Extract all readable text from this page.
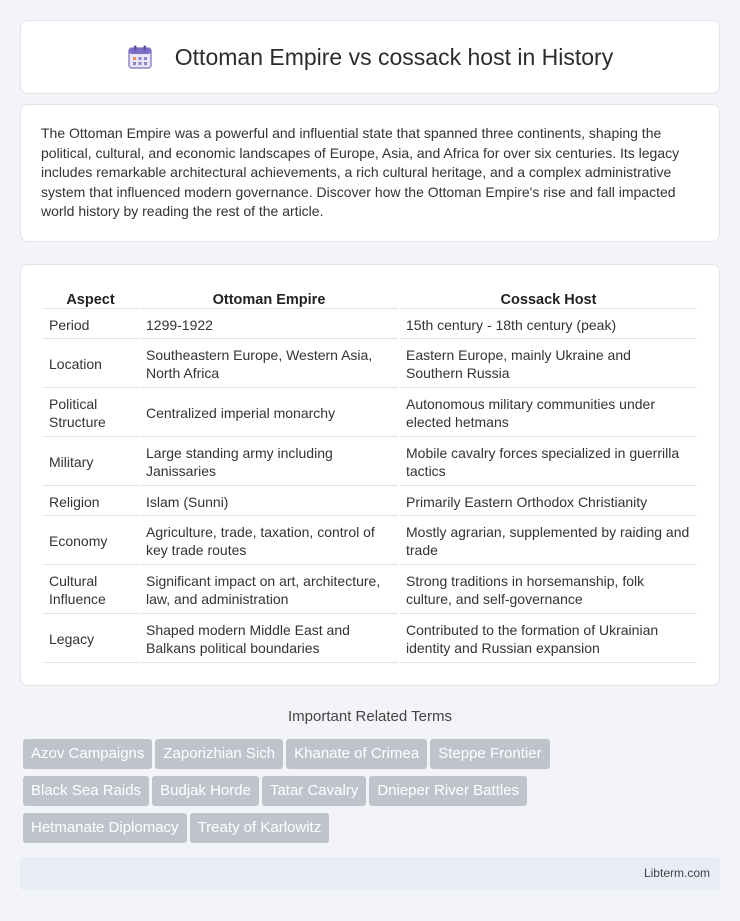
Ottoman Empire vs cossack host in History

The Ottoman Empire was a powerful and influential state that spanned three continents, shaping the political, cultural, and economic landscapes of Europe, Asia, and Africa for over six centuries. Its legacy includes remarkable architectural achievements, a rich cultural heritage, and a complex administrative system that influenced modern governance. Discover how the Ottoman Empire's rise and fall impacted world history by reading the rest of the article.

Aspect	Ottoman Empire	Cossack Host
Period	1299-1922	15th century - 18th century (peak)
Location	Southeastern Europe, Western Asia, North Africa	Eastern Europe, mainly Ukraine and Southern Russia
Political Structure	Centralized imperial monarchy	Autonomous military communities under elected hetmans
Military	Large standing army including Janissaries	Mobile cavalry forces specialized in guerrilla tactics
Religion	Islam (Sunni)	Primarily Eastern Orthodox Christianity
Economy	Agriculture, trade, taxation, control of key trade routes	Mostly agrarian, supplemented by raiding and trade
Cultural Influence	Significant impact on art, architecture, law, and administration	Strong traditions in horsemanship, folk culture, and self-governance
Legacy	Shaped modern Middle East and Balkans political boundaries	Contributed to the formation of Ukrainian identity and Russian expansion
Important Related Terms
Azov Campaigns Zaporizhian Sich Khanate of Crimea Steppe Frontier
Black Sea Raids Budjak Horde Tatar Cavalry Dnieper River Battles
Hetmanate Diplomacy Treaty of Karlowitz
Libterm.com
